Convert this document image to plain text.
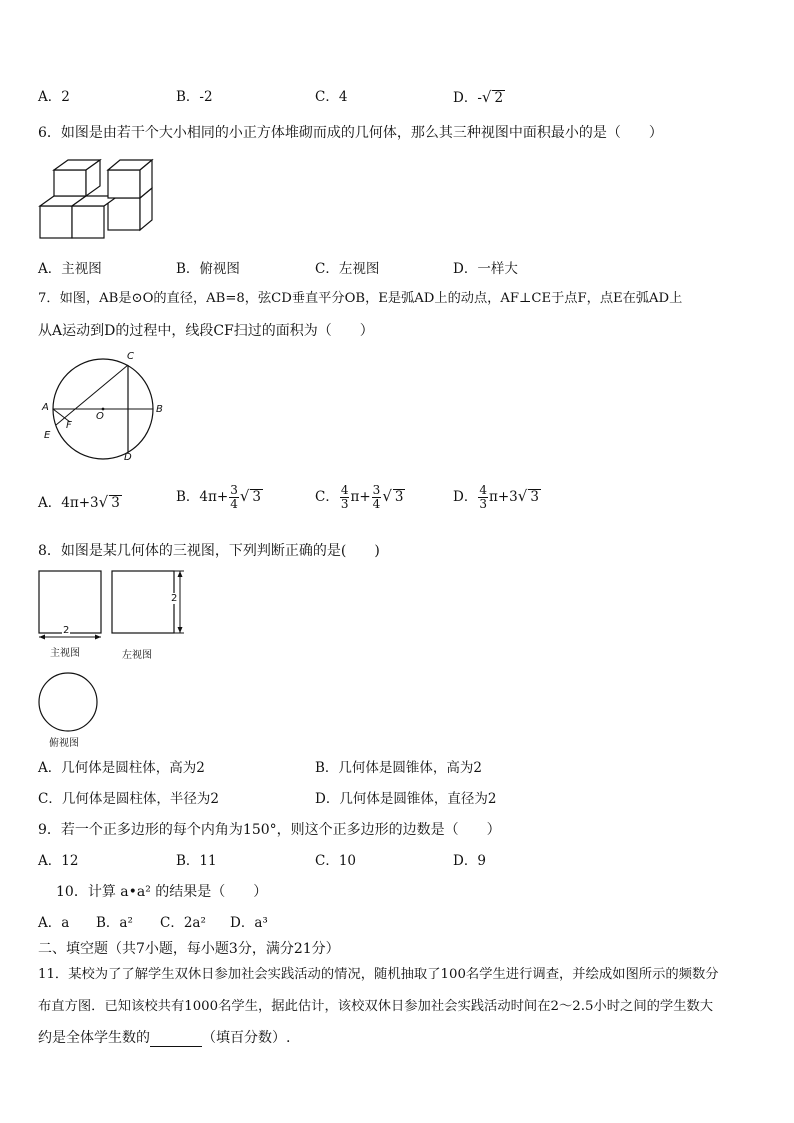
A．2	B．-2	C．4	D．-√ 2
6．如图是由若干个大小相同的小正方体堆砌而成的几何体，那么其三种视图中面积最小的是（　　）
A．主视图	B．俯视图	C．左视图	D．一样大
7．如图，AB是⊙O的直径，AB=8，弦CD垂直平分OB，E是弧AD上的动点，AF⊥CE于点F，点E在弧AD上
从A运动到D的过程中，线段CF扫过的面积为（　　）
C
A	B
O
F
E
D
A．4π+3√ 3	B．$4\pi+ \frac{3}{4}$ √ 3	C． $\frac{4}{3} \pi+ \frac{3}{4}$ √ 3	D． $\frac{4}{3} \pi+3√$ 3
8．如图是某几何体的三视图，下列判断正确的是(　　)
2
2
主视图	左视图
俯视图
A．几何体是圆柱体，高为2	B．几何体是圆锥体，高为2
C．几何体是圆柱体，半径为2	D．几何体是圆锥体，直径为2
9．若一个正多边形的每个内角为150°，则这个正多边形的边数是（　　）
A．12	B．11	C．10	D．9
10．计算 a•a² 的结果是（　　）
A．a B．a² C．2a² D．a³
二、填空题（共7小题，每小题3分，满分21分）
11．某校为了了解学生双休日参加社会实践活动的情况，随机抽取了100名学生进行调查，并绘成如图所示的频数分
布直方图．已知该校共有1000名学生，据此估计，该校双休日参加社会实践活动时间在2～2.5小时之间的学生数大
约是全体学生数的	（填百分数）.
